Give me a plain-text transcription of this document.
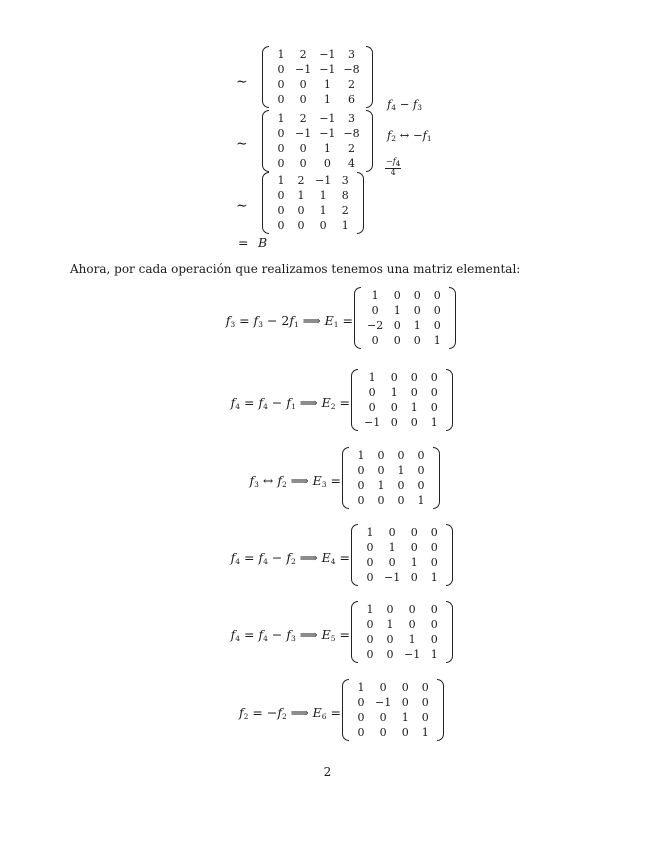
∼
1	2	−1	3
0	−1	−1	−8
0	0	1	2
0	0	1	6	$f_4 - f_3$
∼
1	2	−1	3
0	−1	−1	−8
0	0	1	2
0	0	0	4
$f_2$ ↔ $-f_1$
$\frac{-f_4}{4}$
∼
1	2	−1	3
0	1	1	8
0	0	1	2
0	0	0	1
= B
Ahora, por cada operación que realizamos tenemos una matriz elemental:
$f_3 = f_3 - 2f_1$ ⟹ $E_1$ =
1	0	0	0
0	1	0	0
−2	0	1	0
0	0	0	1
$f_4 = f_4 - f_1$ ⟹ $E_2$ =
1	0	0	0
0	1	0	0
0	0	1	0
−1	0	0	1
$f_3$ ↔ $f_2$ ⟹ $E_3$ =
1	0	0	0
0	0	1	0
0	1	0	0
0	0	0	1
$f_4 = f_4 - f_2$ ⟹ $E_4$ =
1	0	0	0
0	1	0	0
0	0	1	0
0	−1	0	1
$f_4 = f_4 - f_3$ ⟹ $E_5$ =
1	0	0	0
0	1	0	0
0	0	1	0
0	0	−1	1
$f_2 = -f_2$ ⟹ $E_6$ =
1	0	0	0
0	−1	0	0
0	0	1	0
0	0	0	1
2
